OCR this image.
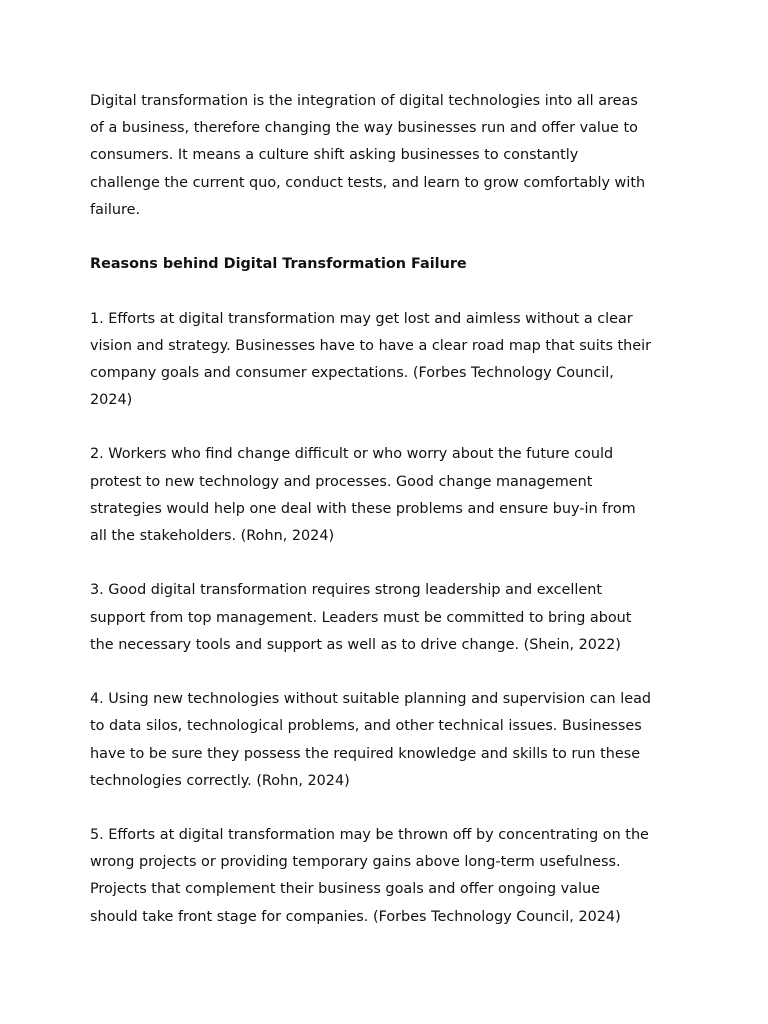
Digital transformation is the integration of digital technologies into all areas
of a business, therefore changing the way businesses run and offer value to
consumers. It means a culture shift asking businesses to constantly
challenge the current quo, conduct tests, and learn to grow comfortably with
failure.
Reasons behind Digital Transformation Failure
1. Efforts at digital transformation may get lost and aimless without a clear
vision and strategy. Businesses have to have a clear road map that suits their
company goals and consumer expectations. (Forbes Technology Council,
2024)
2. Workers who find change difficult or who worry about the future could
protest to new technology and processes. Good change management
strategies would help one deal with these problems and ensure buy-in from
all the stakeholders. (Rohn, 2024)
3. Good digital transformation requires strong leadership and excellent
support from top management. Leaders must be committed to bring about
the necessary tools and support as well as to drive change. (Shein, 2022)
4. Using new technologies without suitable planning and supervision can lead
to data silos, technological problems, and other technical issues. Businesses
have to be sure they possess the required knowledge and skills to run these
technologies correctly. (Rohn, 2024)
5. Efforts at digital transformation may be thrown off by concentrating on the
wrong projects or providing temporary gains above long-term usefulness.
Projects that complement their business goals and offer ongoing value
should take front stage for companies. (Forbes Technology Council, 2024)
